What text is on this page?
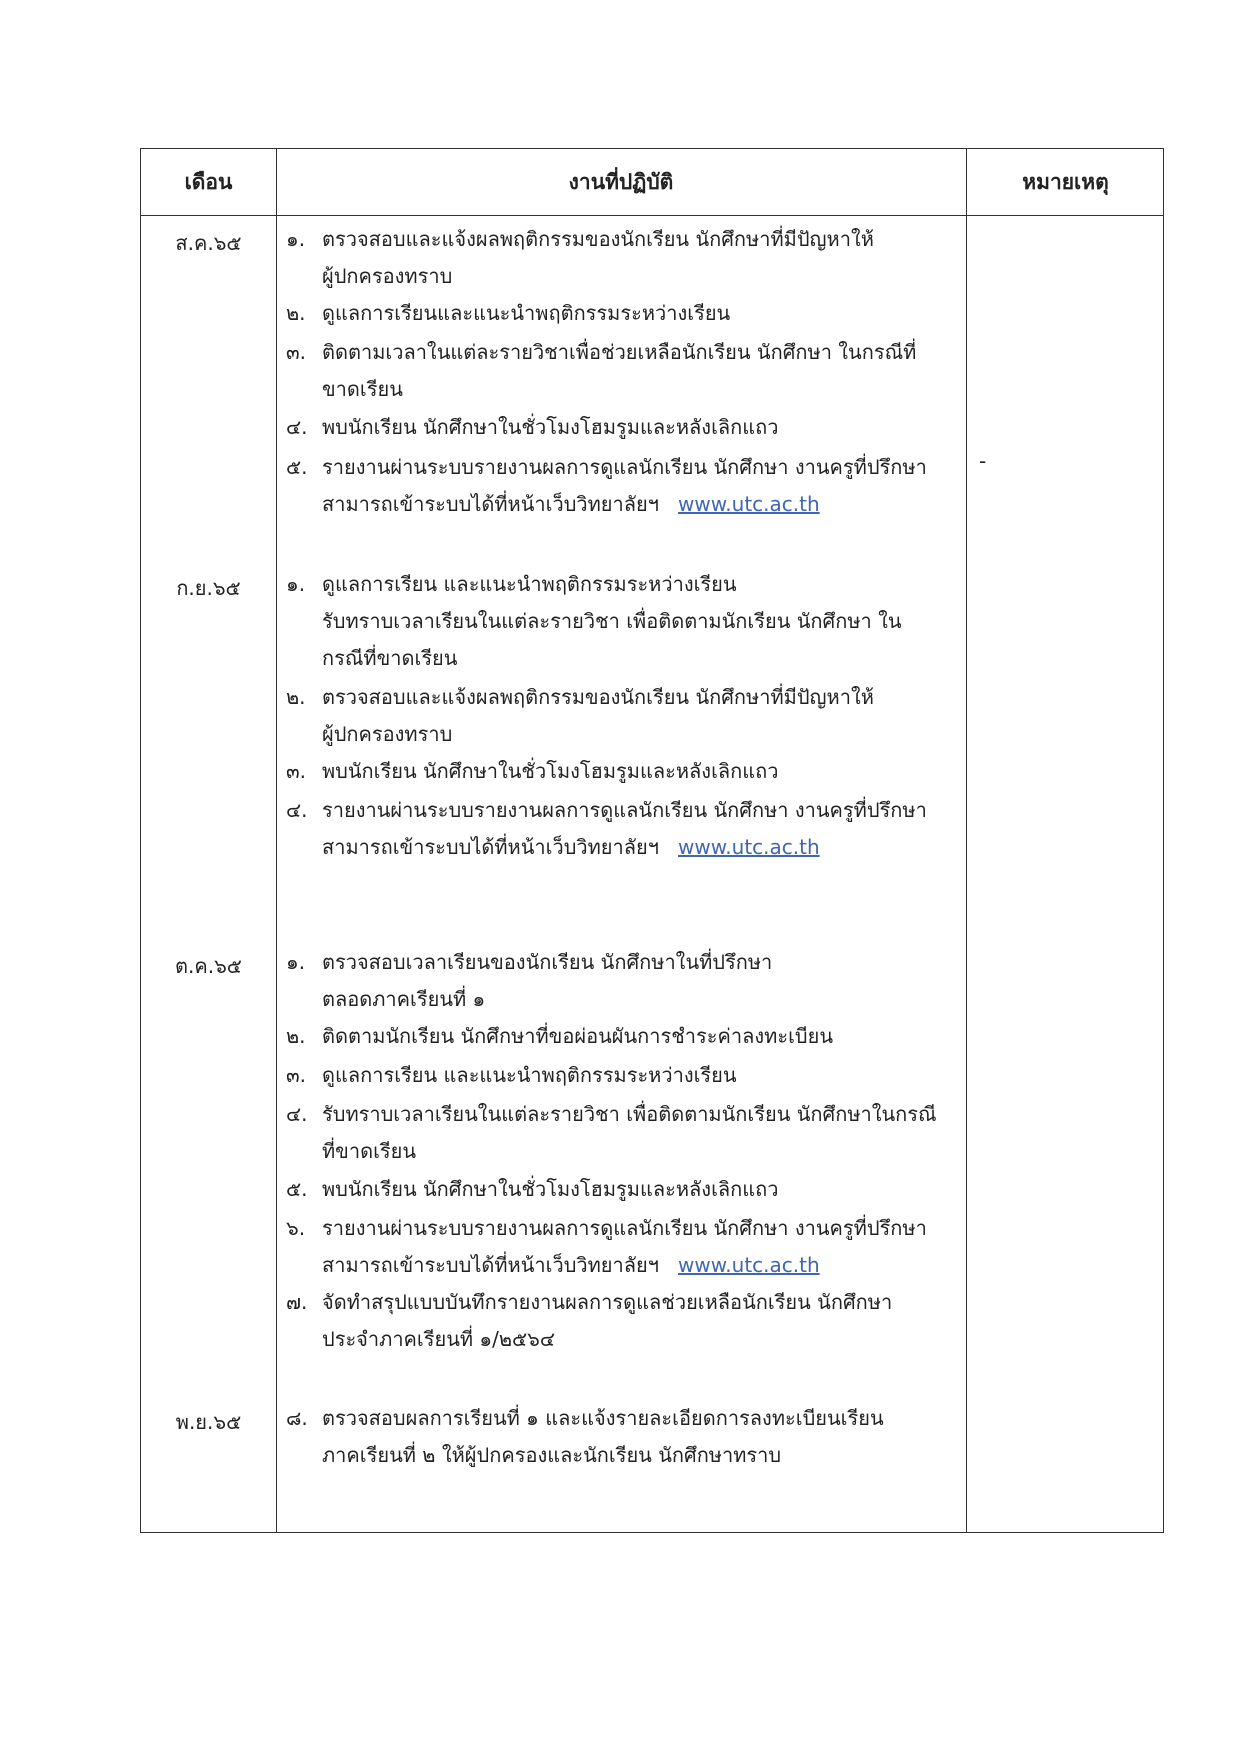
เดือน	งานที่ปฏิบัติ	หมายเหตุ
ส.ค.๖๕	๑. ตรวจสอบและแจ้งผลพฤติกรรมของนักเรียน นักศึกษาที่มีปัญหาให้
ผู้ปกครองทราบ
๒. ดูแลการเรียนและแนะนำพฤติกรรมระหว่างเรียน
๓. ติดตามเวลาในแต่ละรายวิชาเพื่อช่วยเหลือนักเรียน นักศึกษา ในกรณีที่
ขาดเรียน
๔. พบนักเรียน นักศึกษาในชั่วโมงโฮมรูมและหลังเลิกแถว
๕. รายงานผ่านระบบรายงานผลการดูแลนักเรียน นักศึกษา งานครูที่ปรึกษา
สามารถเข้าระบบได้ที่หน้าเว็บวิทยาลัยฯ www.utc.ac.th
-
ก.ย.๖๕	๑. ดูแลการเรียน และแนะนำพฤติกรรมระหว่างเรียน
รับทราบเวลาเรียนในแต่ละรายวิชา เพื่อติดตามนักเรียน นักศึกษา ใน
กรณีที่ขาดเรียน
๒. ตรวจสอบและแจ้งผลพฤติกรรมของนักเรียน นักศึกษาที่มีปัญหาให้
ผู้ปกครองทราบ
๓. พบนักเรียน นักศึกษาในชั่วโมงโฮมรูมและหลังเลิกแถว
๔. รายงานผ่านระบบรายงานผลการดูแลนักเรียน นักศึกษา งานครูที่ปรึกษา
สามารถเข้าระบบได้ที่หน้าเว็บวิทยาลัยฯ www.utc.ac.th
ต.ค.๖๕	๑. ตรวจสอบเวลาเรียนของนักเรียน นักศึกษาในที่ปรึกษา
ตลอดภาคเรียนที่ ๑
๒. ติดตามนักเรียน นักศึกษาที่ขอผ่อนผันการชำระค่าลงทะเบียน
๓. ดูแลการเรียน และแนะนำพฤติกรรมระหว่างเรียน
๔. รับทราบเวลาเรียนในแต่ละรายวิชา เพื่อติดตามนักเรียน นักศึกษาในกรณี
ที่ขาดเรียน
๕. พบนักเรียน นักศึกษาในชั่วโมงโฮมรูมและหลังเลิกแถว
๖. รายงานผ่านระบบรายงานผลการดูแลนักเรียน นักศึกษา งานครูที่ปรึกษา
สามารถเข้าระบบได้ที่หน้าเว็บวิทยาลัยฯ www.utc.ac.th
๗. จัดทำสรุปแบบบันทึกรายงานผลการดูแลช่วยเหลือนักเรียน นักศึกษา
ประจำภาคเรียนที่ ๑/๒๕๖๔
พ.ย.๖๕	๘. ตรวจสอบผลการเรียนที่ ๑ และแจ้งรายละเอียดการลงทะเบียนเรียน
ภาคเรียนที่ ๒ ให้ผู้ปกครองและนักเรียน นักศึกษาทราบ
